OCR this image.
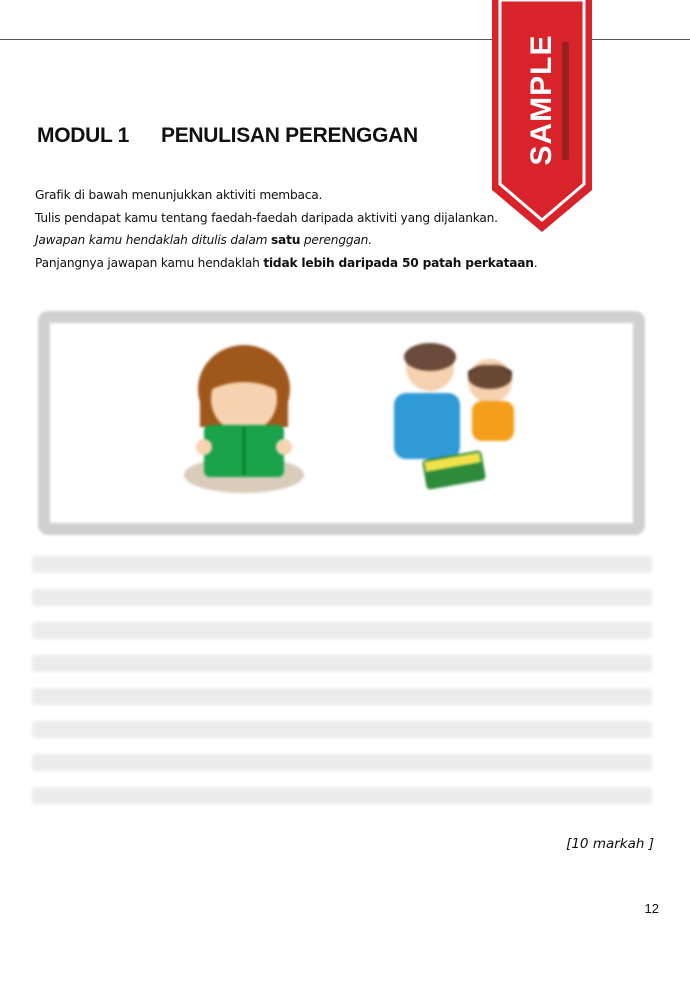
SAMPLE
MODUL 1 PENULISAN PERENGGAN
Grafik di bawah menunjukkan aktiviti membaca.
Tulis pendapat kamu tentang faedah-faedah daripada aktiviti yang dijalankan.
Jawapan kamu hendaklah ditulis dalam satu perenggan.
Panjangnya jawapan kamu hendaklah tidak lebih daripada 50 patah perkataan.
[10 markah ]
12
